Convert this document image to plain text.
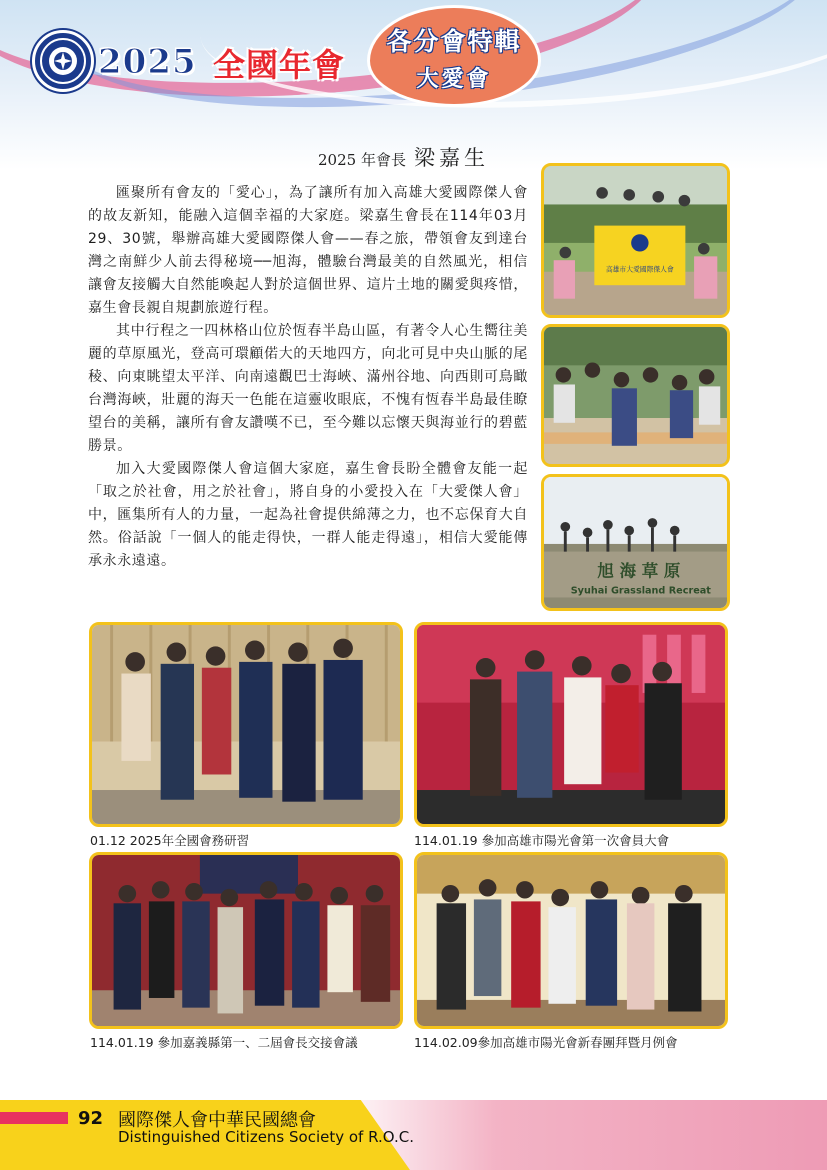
2025 全國年會
各分會特輯
大愛會
2025 年會長 梁嘉生

匯聚所有會友的「愛心」，為了讓所有加入高雄大愛國際傑人會的故友新知，能融入這個幸福的大家庭。梁嘉生會長在114年03月29、30號，舉辦高雄大愛國際傑人會——春之旅，帶領會友到達台灣之南鮮少人前去得秘境──旭海，體驗台灣最美的自然風光，相信讓會友接觸大自然能喚起人對於這個世界、這片土地的關愛與疼惜，嘉生會長親自規劃旅遊行程。

其中行程之一四林格山位於恆春半島山區，有著令人心生嚮往美麗的草原風光，登高可環顧偌大的天地四方，向北可見中央山脈的尾稜、向東眺望太平洋、向南遠觀巴士海峽、滿州谷地、向西則可鳥瞰台灣海峽，壯麗的海天一色能在這靈收眼底，不愧有恆春半島最佳瞭望台的美稱，讓所有會友讚嘆不已，至今難以忘懷天與海並行的碧藍勝景。

加入大愛國際傑人會這個大家庭，嘉生會長盼全體會友能一起「取之於社會，用之於社會」，將自身的小愛投入在「大愛傑人會」中，匯集所有人的力量，一起為社會提供綿薄之力，也不忘保育大自然。俗話說「一個人的能走得快，一群人能走得遠」，相信大愛能傳承永永遠遠。

高雄市大愛國際傑人會
旭 海 草 原
Syuhai Grassland Recreat
01.12 2025年全國會務研習	114.01.19 參加高雄市陽光會第一次會員大會
114.01.19 參加嘉義縣第一、二屆會長交接會議	114.02.09參加高雄市陽光會新春團拜暨月例會
92 國際傑人會中華民國總會
Distinguished Citizens Society of R.O.C.
